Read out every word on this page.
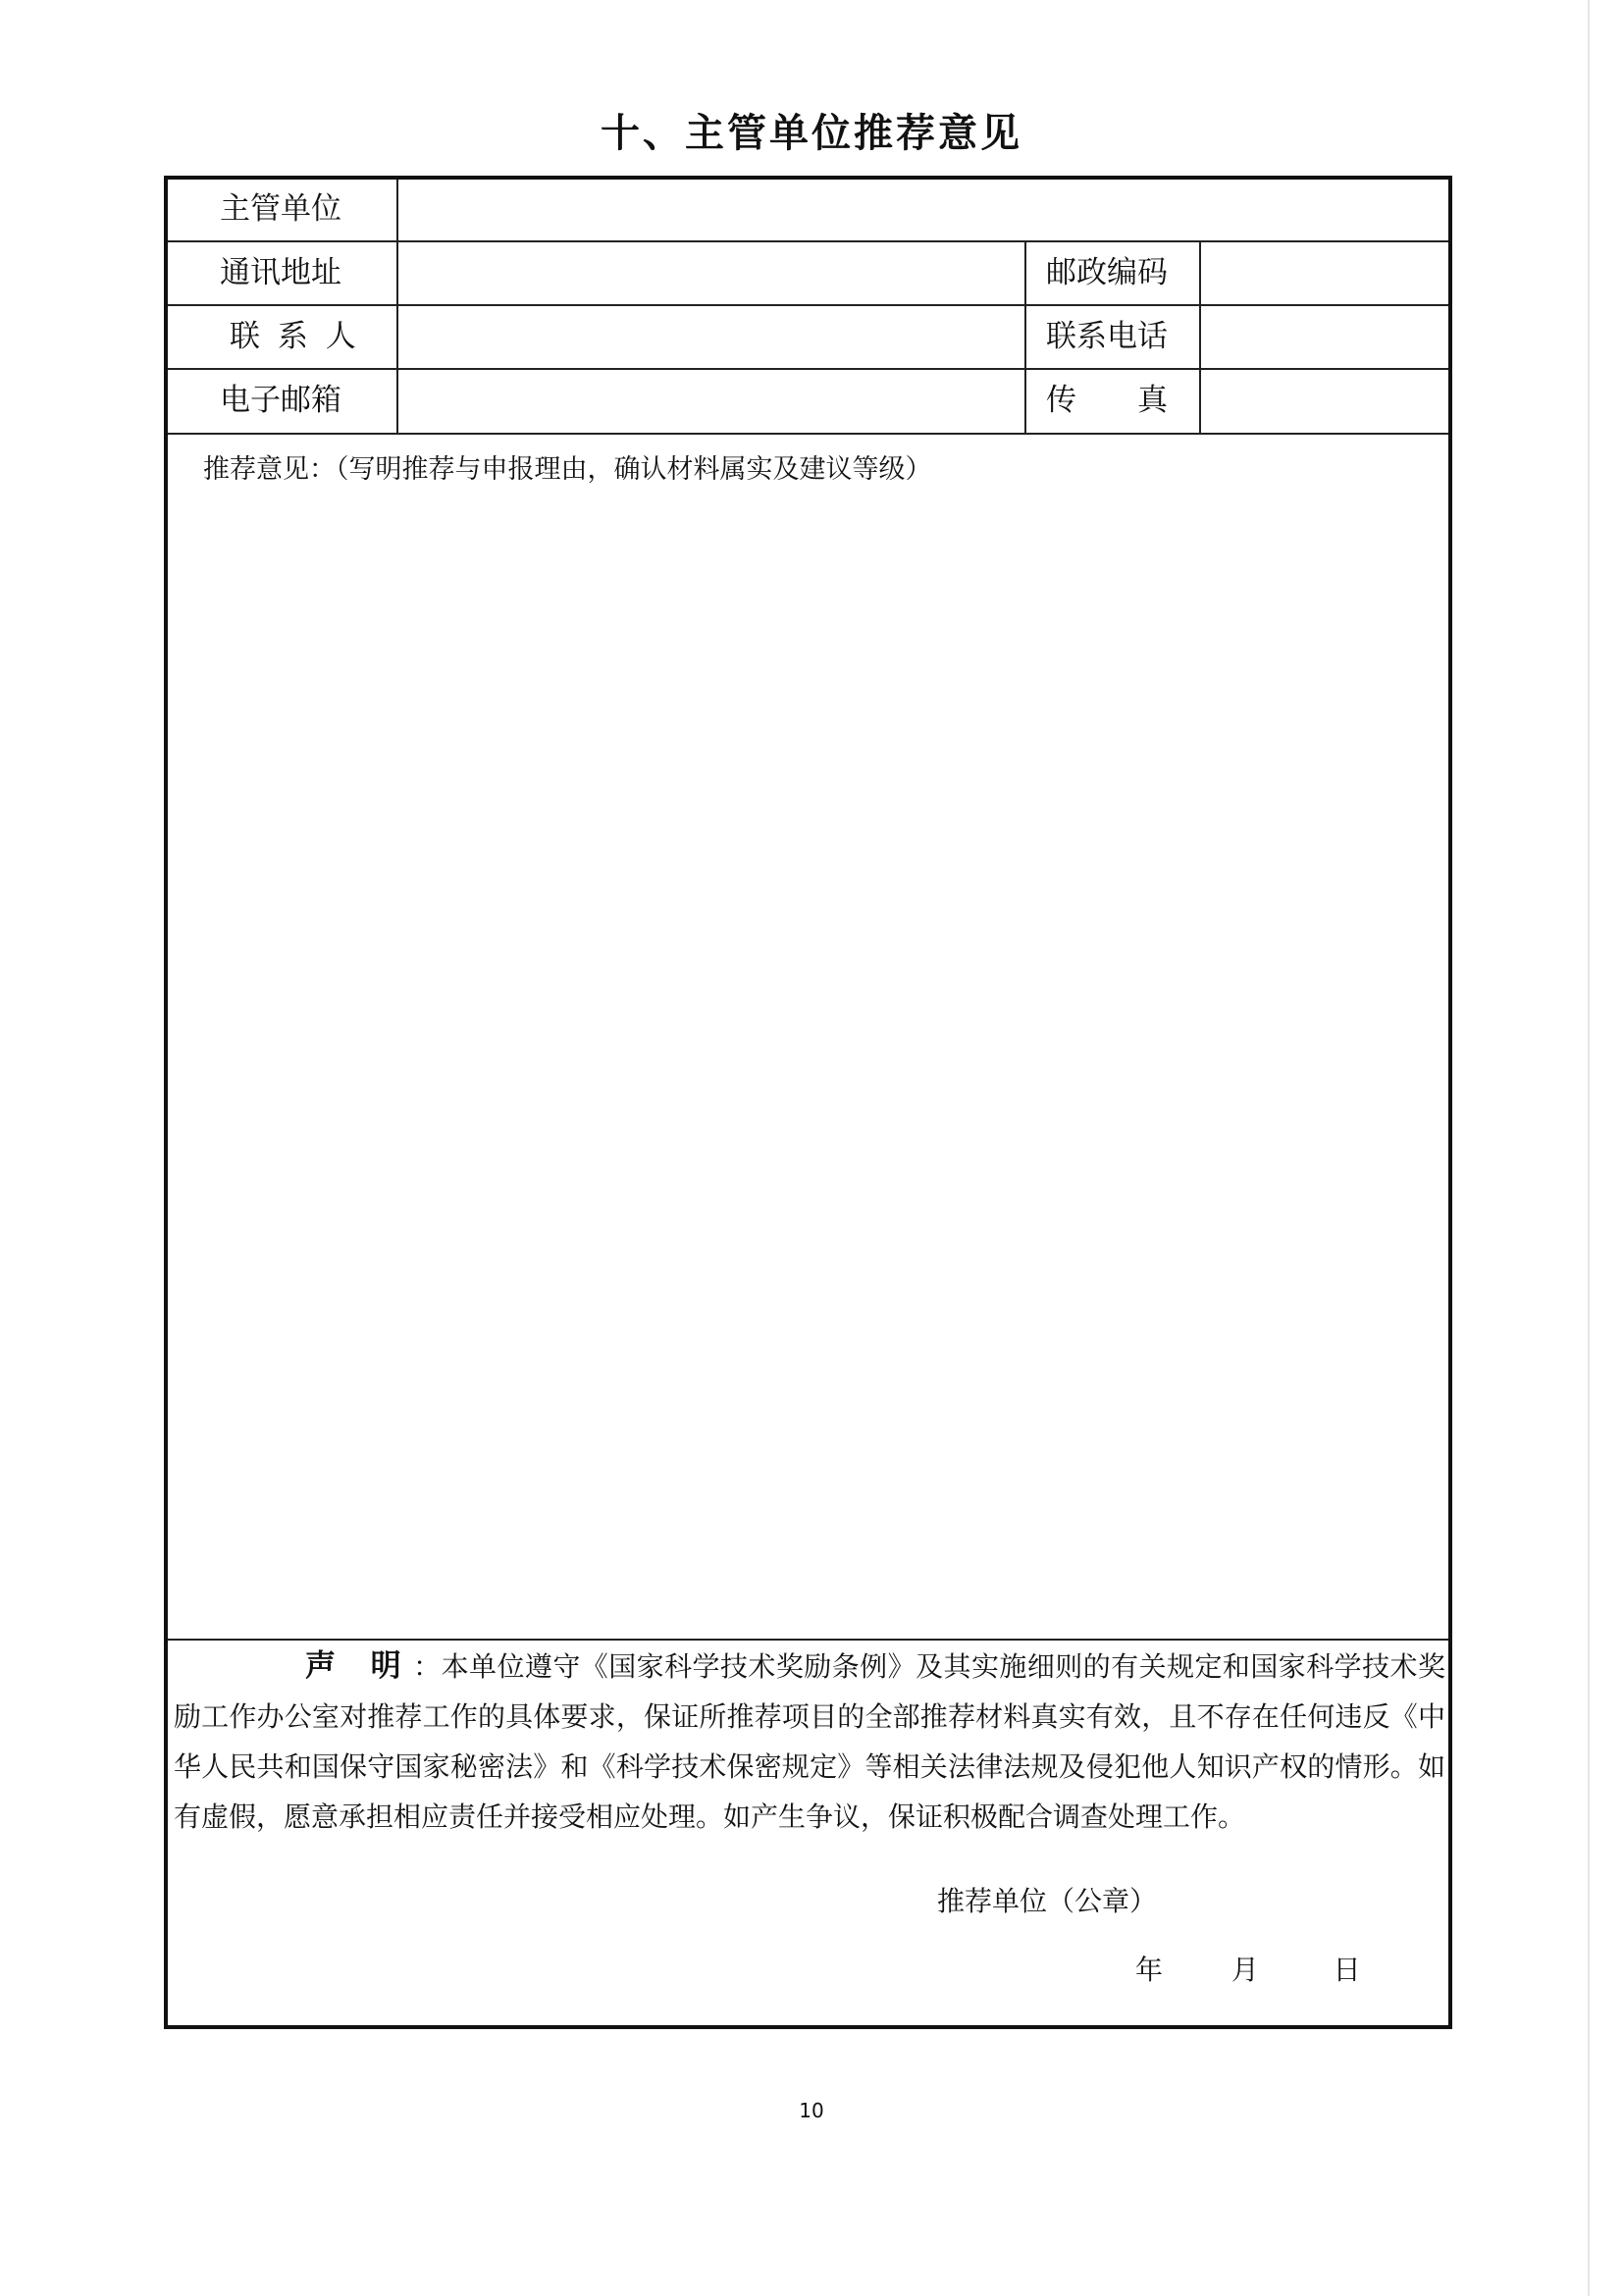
十、主管单位推荐意见
主管单位
通讯地址	邮政编码
联 系 人	联系电话
电子邮箱	传　　真
推荐意见：（写明推荐与申报理由，确认材料属实及建议等级）
声 明：本单位遵守《国家科学技术奖励条例》及其实施细则的有关规定和国家科学技术奖励工作办公室对推荐工作的具体要求，保证所推荐项目的全部推荐材料真实有效，且不存在任何违反《中华人民共和国保守国家秘密法》和《科学技术保密规定》等相关法律法规及侵犯他人知识产权的情形。如有虚假，愿意承担相应责任并接受相应处理。如产生争议，保证积极配合调查处理工作。
推荐单位（公章）
年 月	日
10
